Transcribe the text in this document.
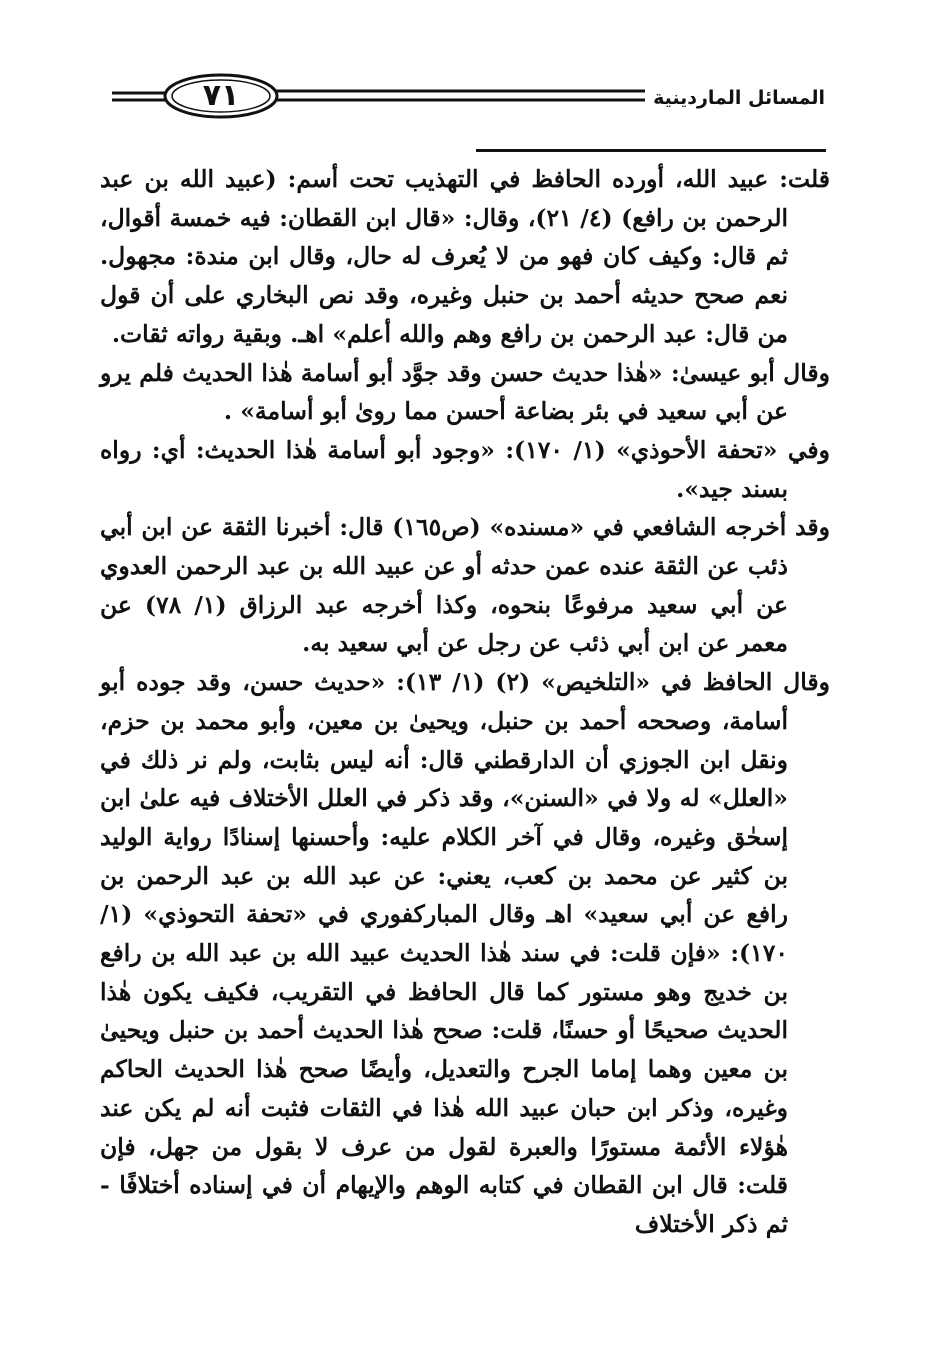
٧١	المسائل الماردينية

قلت: عبيد الله، أورده الحافظ في التهذيب تحت أسم: (عبيد الله بن عبد الرحمن بن رافع) (٤/ ٢١)، وقال: «قال ابن القطان: فيه خمسة أقوال، ثم قال: وكيف كان فهو من لا يُعرف له حال، وقال ابن مندة: مجهول. نعم صحح حديثه أحمد بن حنبل وغيره، وقد نص البخاري على أن قول من قال: عبد الرحمن بن رافع وهم والله أعلم» اهـ. وبقية رواته ثقات.

وقال أبو عيسىٰ: «هٰذا حديث حسن وقد جوَّد أبو أسامة هٰذا الحديث فلم يرو عن أبي سعيد في بئر بضاعة أحسن مما روىٰ أبو أسامة» .

وفي «تحفة الأحوذي» (١/ ١٧٠): «وجود أبو أسامة هٰذا الحديث: أي: رواه بسند جيد».

وقد أخرجه الشافعي في «مسنده» (ص١٦٥) قال: أخبرنا الثقة عن ابن أبي ذئب عن الثقة عنده عمن حدثه أو عن عبيد الله بن عبد الرحمن العدوي عن أبي سعيد مرفوعًا بنحوه، وكذا أخرجه عبد الرزاق (١/ ٧٨) عن معمر عن ابن أبي ذئب عن رجل عن أبي سعيد به.

وقال الحافظ في «التلخيص» (٢) (١/ ١٣): «حديث حسن، وقد جوده أبو أسامة، وصححه أحمد بن حنبل، ويحيىٰ بن معين، وأبو محمد بن حزم، ونقل ابن الجوزي أن الدارقطني قال: أنه ليس بثابت، ولم نر ذلك في «العلل» له ولا في «السنن»، وقد ذكر في العلل الأختلاف فيه علىٰ ابن إسحٰق وغيره، وقال في آخر الكلام عليه: وأحسنها إسنادًا رواية الوليد بن كثير عن محمد بن كعب، يعني: عن عبد الله بن عبد الرحمن بن رافع عن أبي سعيد» اهـ وقال المباركفوري في «تحفة التحوذي» (١/ ١٧٠): «فإن قلت: في سند هٰذا الحديث عبيد الله بن عبد الله بن رافع بن خديج وهو مستور كما قال الحافظ في التقريب، فكيف يكون هٰذا الحديث صحيحًا أو حسنًا، قلت: صحح هٰذا الحديث أحمد بن حنبل ويحيىٰ بن معين وهما إماما الجرح والتعديل، وأيضًا صحح هٰذا الحديث الحاكم وغيره، وذكر ابن حبان عبيد الله هٰذا في الثقات فثبت أنه لم يكن عند هٰؤلاء الأئمة مستورًا والعبرة لقول من عرف لا بقول من جهل، فإن قلت: قال ابن القطان في كتابه الوهم والإيهام أن في إسناده أختلافًا - ثم ذكر الأختلاف
